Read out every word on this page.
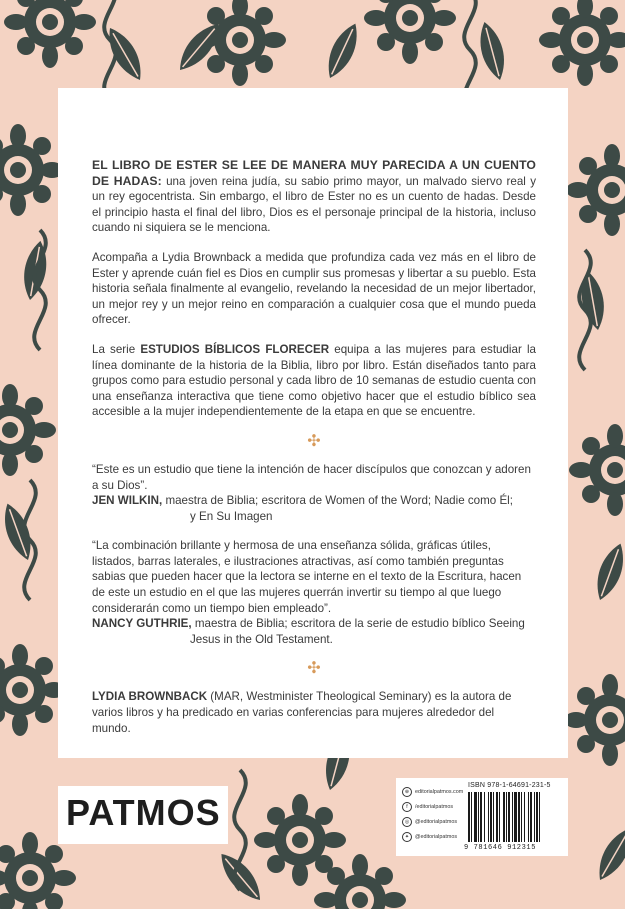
EL LIBRO DE ESTER SE LEE DE MANERA MUY PARECIDA A UN CUENTO DE HADAS: una joven reina judía, su sabio primo mayor, un malvado siervo real y un rey egocentrista. Sin embargo, el libro de Ester no es un cuento de hadas. Desde el principio hasta el final del libro, Dios es el personaje principal de la historia, incluso cuando ni siquiera se le menciona.

Acompaña a Lydia Brownback a medida que profundiza cada vez más en el libro de Ester y aprende cuán fiel es Dios en cumplir sus promesas y libertar a su pueblo. Esta historia señala finalmente al evangelio, revelando la necesidad de un mejor libertador, un mejor rey y un mejor reino en comparación a cualquier cosa que el mundo pueda ofrecer.

La serie ESTUDIOS BÍBLICOS FLORECER equipa a las mujeres para estudiar la línea dominante de la historia de la Biblia, libro por libro. Están diseñados tanto para grupos como para estudio personal y cada libro de 10 semanas de estudio cuenta con una enseñanza interactiva que tiene como objetivo hacer que el estudio bíblico sea accesible a la mujer independientemente de la etapa en que se encuentre.

✣

“Este es un estudio que tiene la intención de hacer discípulos que conozcan y adoren a su Dios”.

JEN WILKIN, maestra de Biblia; escritora de Women of the Word; Nadie como Él;
y En Su Imagen

“La combinación brillante y hermosa de una enseñanza sólida, gráficas útiles, listados, barras laterales, e ilustraciones atractivas, así como también preguntas sabias que pueden hacer que la lectora se interne en el texto de la Escritura, hacen de este un estudio en el que las mujeres querrán invertir su tiempo al que luego considerarán como un tiempo bien empleado”.

NANCY GUTHRIE, maestra de Biblia; escritora de la serie de estudio bíblico Seeing
Jesus in the Old Testament.

✣

LYDIA BROWNBACK (MAR, Westminister Theological Seminary) es la autora de varios libros y ha predicado en varias conferencias para mujeres alrededor del mundo.

PATMOS
⊕	editorialpatmos.com
f	/editorialpatmos
◎	@editorialpatmos
✦	@editorialpatmos
ISBN 978-1-64691-231-5
9 781646 912315
